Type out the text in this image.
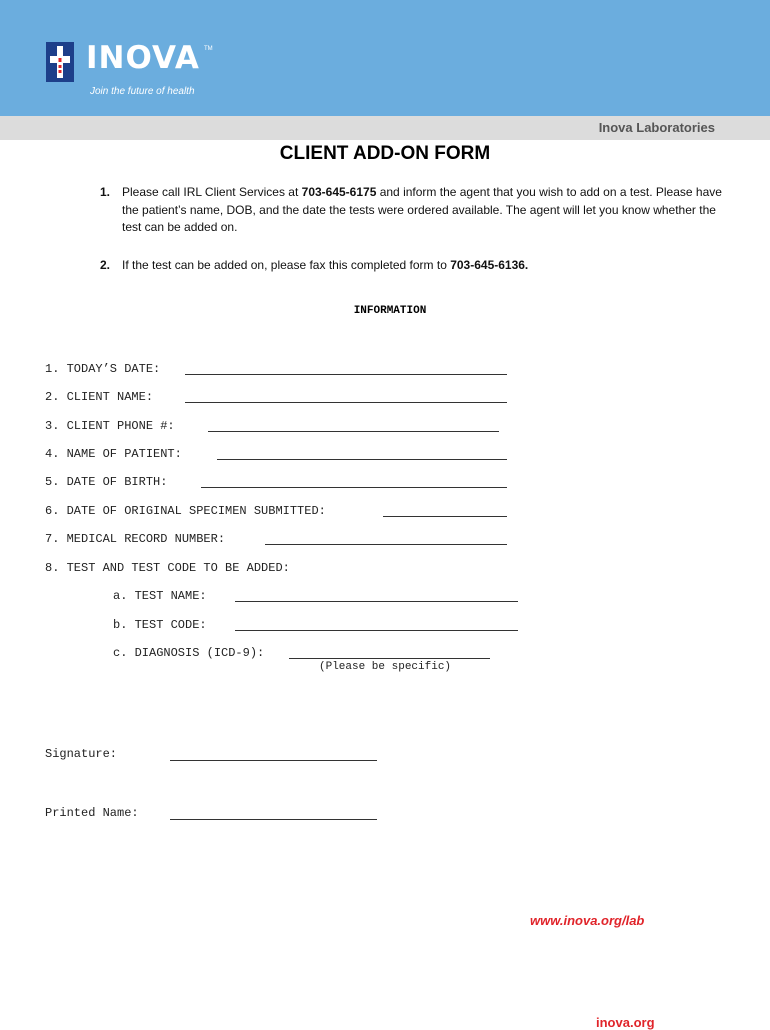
INOVA TM
Join the future of health
Inova Laboratories
CLIENT ADD-ON FORM
1. Please call IRL Client Services at 703-645-6175 and inform the agent that you wish to add on a test. Please have the patient’s name, DOB, and the date the tests were ordered available. The agent will let you know whether the test can be added on.
2. If the test can be added on, please fax this completed form to 703-645-6136.
INFORMATION
1. TODAY’S DATE:
2. CLIENT NAME:
3. CLIENT PHONE #:
4. NAME OF PATIENT:
5. DATE OF BIRTH:
6. DATE OF ORIGINAL SPECIMEN SUBMITTED:
7. MEDICAL RECORD NUMBER:
8. TEST AND TEST CODE TO BE ADDED:
a. TEST NAME:
b. TEST CODE:
c. DIAGNOSIS (ICD-9):
(Please be specific)
Signature:
Printed Name:
www.inova.org/lab
inova.org
